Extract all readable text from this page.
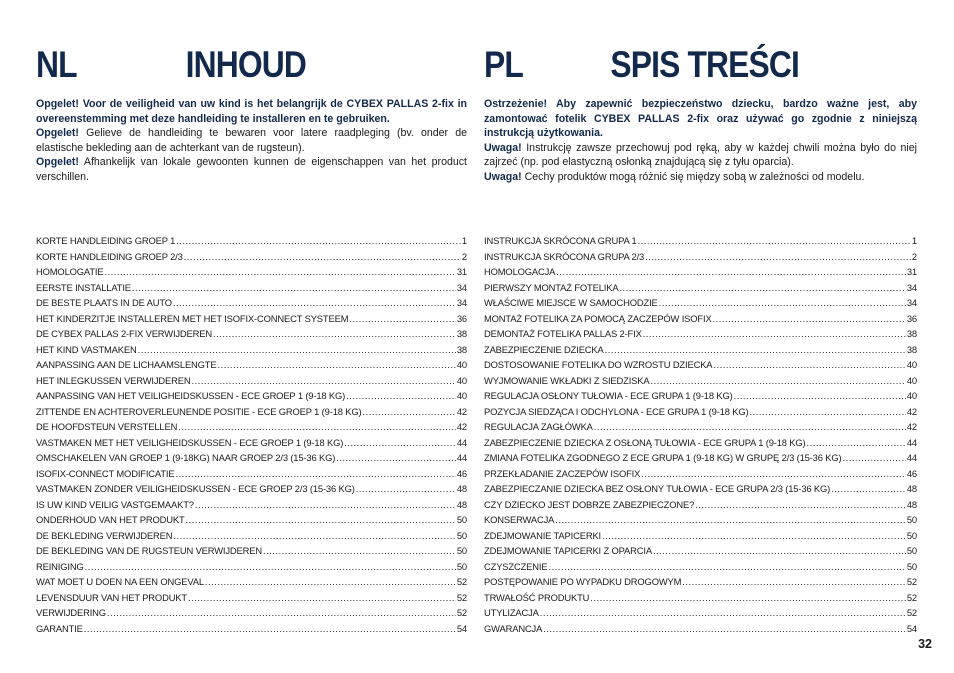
NL	INHOUD

Opgelet! Voor de veiligheid van uw kind is het belangrijk de CYBEX PALLAS 2-fix in overeenstemming met deze handleiding te installeren en te gebruiken.

Opgelet! Gelieve de handleiding te bewaren voor latere raadpleging (bv. onder de elastische bekleding aan de achterkant van de rugsteun).

Opgelet! Afhankelijk van lokale gewoonten kunnen de eigenschappen van het product verschillen.

KORTE HANDLEIDING GROEP 1 .....	1
KORTE HANDLEIDING GROEP 2/3 .....	2
HOMOLOGATIE .....	31
EERSTE INSTALLATIE .....	34
DE BESTE PLAATS IN DE AUTO .....	34
HET KINDERZITJE INSTALLEREN MET HET ISOFIX-CONNECT SYSTEEM .....	36
DE CYBEX PALLAS 2-FIX VERWIJDEREN .....	38
HET KIND VASTMAKEN .....	38
AANPASSING AAN DE LICHAAMSLENGTE .....	40
HET INLEGKUSSEN VERWIJDEREN .....	40
AANPASSING VAN HET VEILIGHEIDSKUSSEN - ECE GROEP 1 (9-18 KG) .....	40
ZITTENDE EN ACHTEROVERLEUNENDE POSITIE - ECE GROEP 1 (9-18 KG) .....	42
DE HOOFDSTEUN VERSTELLEN .....	42
VASTMAKEN MET HET VEILIGHEIDSKUSSEN - ECE GROEP 1 (9-18 KG) .....	44
OMSCHAKELEN VAN GROEP 1 (9-18KG) NAAR GROEP 2/3 (15-36 KG) .....	44
ISOFIX-CONNECT MODIFICATIE .....	46
VASTMAKEN ZONDER VEILIGHEIDSKUSSEN - ECE GROEP 2/3 (15-36 KG) .....	48
IS UW KIND VEILIG VASTGEMAAKT? .....	48
ONDERHOUD VAN HET PRODUKT .....	50
DE BEKLEDING VERWIJDEREN .....	50
DE BEKLEDING VAN DE RUGSTEUN VERWIJDEREN .....	50
REINIGING .....	50
WAT MOET U DOEN NA EEN ONGEVAL .....	52
LEVENSDUUR VAN HET PRODUKT .....	52
VERWIJDERING .....	52
GARANTIE .....	54
PL SPIS TREŚCI

Ostrzeżenie! Aby zapewnić bezpieczeństwo dziecku, bardzo ważne jest, aby zamontować fotelik CYBEX PALLAS 2-fix oraz używać go zgodnie z niniejszą instrukcją użytkowania.

Uwaga! Instrukcję zawsze przechowuj pod ręką, aby w każdej chwili można było do niej zajrzeć (np. pod elastyczną osłonką znajdującą się z tyłu oparcia).

Uwaga! Cechy produktów mogą różnić się między sobą w zależności od modelu.

INSTRUKCJA SKRÓCONA GRUPA 1 .....	1
INSTRUKCJA SKRÓCONA GRUPA 2/3 .....	2
HOMOLOGACJA .....	31
PIERWSZY MONTAŻ FOTELIKA .....	34
WŁAŚCIWE MIEJSCE W SAMOCHODZIE .....	34
MONTAŻ FOTELIKA ZA POMOCĄ ZACZEPÓW ISOFIX .....	36
DEMONTAŻ FOTELIKA PALLAS 2-FIX .....	38
ZABEZPIECZENIE DZIECKA .....	38
DOSTOSOWANIE FOTELIKA DO WZROSTU DZIECKA .....	40
WYJMOWANIE WKŁADKI Z SIEDZISKA .....	40
REGULACJA OSŁONY TUŁOWIA - ECE GRUPA 1 (9-18 KG) .....	40
POZYCJA SIEDZĄCA I ODCHYLONA - ECE GRUPA 1 (9-18 KG) .....	42
REGULACJA ZAGŁÓWKA .....	42
ZABEZPIECZENIE DZIECKA Z OSŁONĄ TUŁOWIA - ECE GRUPA 1 (9-18 KG) .....	44
ZMIANA FOTELIKA ZGODNEGO Z ECE GRUPA 1 (9-18 KG) W GRUPĘ 2/3 (15-36 KG) .....	44
PRZEKŁADANIE ZACZEPÓW ISOFIX .....	46
ZABEZPIECZANIE DZIECKA BEZ OSŁONY TUŁOWIA - ECE GRUPA 2/3 (15-36 KG) .....	48
CZY DZIECKO JEST DOBRZE ZABEZPIECZONE? .....	48
KONSERWACJA .....	50
ZDEJMOWANIE TAPICERKI .....	50
ZDEJMOWANIE TAPICERKI Z OPARCIA .....	50
CZYSZCZENIE .....	50
POSTĘPOWANIE PO WYPADKU DROGOWYM .....	52
TRWAŁOŚĆ PRODUKTU .....	52
UTYLIZACJA .....	52
GWARANCJA .....	54
32
